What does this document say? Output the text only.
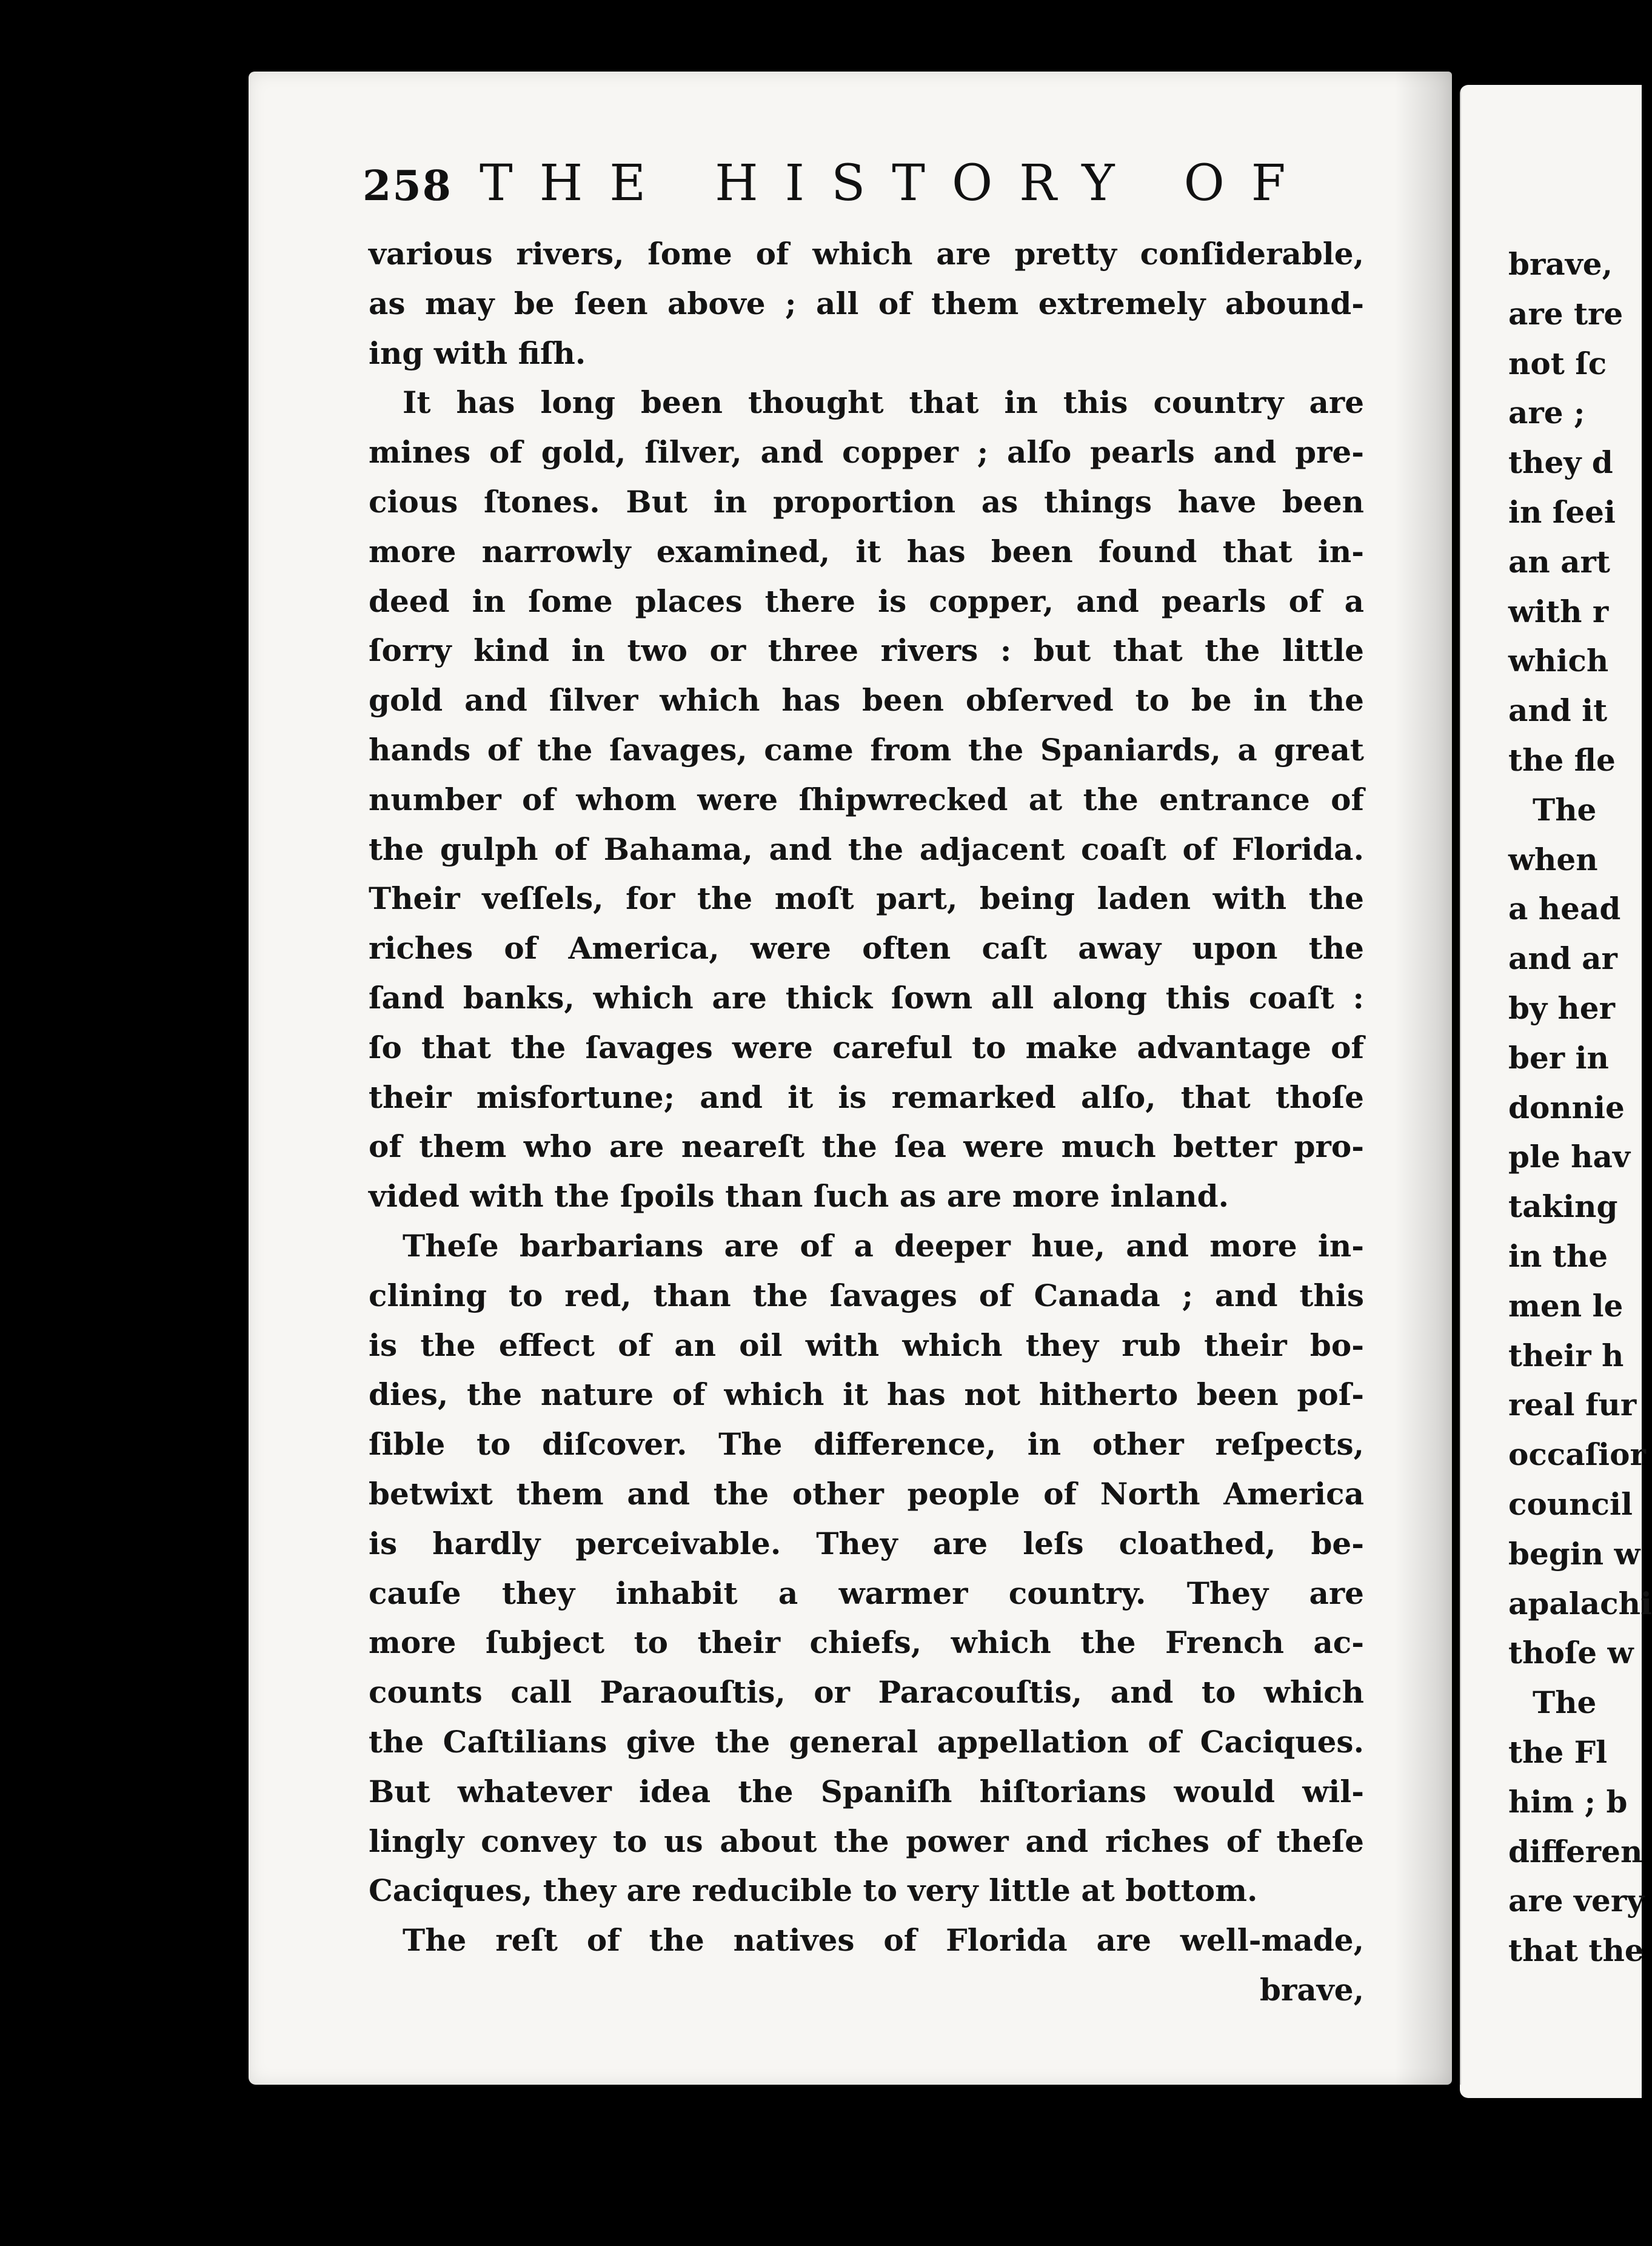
258 THE HISTORY OF
various rivers, ſome of which are pretty conſiderable,
as may be ſeen above ; all of them extremely abound-
ing with fiſh.
It has long been thought that in this country are
mines of gold, ſilver, and copper ; alſo pearls and pre-
cious ſtones. But in proportion as things have been
more narrowly examined, it has been found that in-
deed in ſome places there is copper, and pearls of a
ſorry kind in two or three rivers : but that the little
gold and ſilver which has been obſerved to be in the
hands of the ſavages, came from the Spaniards, a great
number of whom were ſhipwrecked at the entrance of
the gulph of Bahama, and the adjacent coaſt of Florida.
Their veſſels, for the moſt part, being laden with the
riches of America, were often caſt away upon the
ſand banks, which are thick ſown all along this coaſt :
ſo that the ſavages were careful to make advantage of
their misfortune; and it is remarked alſo, that thoſe
of them who are neareſt the ſea were much better pro-
vided with the ſpoils than ſuch as are more inland.
Theſe barbarians are of a deeper hue, and more in-
clining to red, than the ſavages of Canada ; and this
is the effect of an oil with which they rub their bo-
dies, the nature of which it has not hitherto been poſ-
ſible to diſcover. The difference, in other reſpects,
betwixt them and the other people of North America
is hardly perceivable. They are leſs cloathed, be-
cauſe they inhabit a warmer country. They are
more ſubject to their chiefs, which the French ac-
counts call Paraouſtis, or Paracouſtis, and to which
the Caſtilians give the general appellation of Caciques.
But whatever idea the Spaniſh hiſtorians would wil-
lingly convey to us about the power and riches of theſe
Caciques, they are reducible to very little at bottom.
The reſt of the natives of Florida are well-made,
brave,
brave,
are tre
not ſc
are ;
they d
in ſeei
an art
with r
which
and it
the fle
The
when
a head
and ar
by her
ber in
donnie
ple hav
taking
in the
men le
their h
real fur
occaſior
council
begin w
apalachi
thoſe w
The
the Fl
him ; b
differen
are very
that the
